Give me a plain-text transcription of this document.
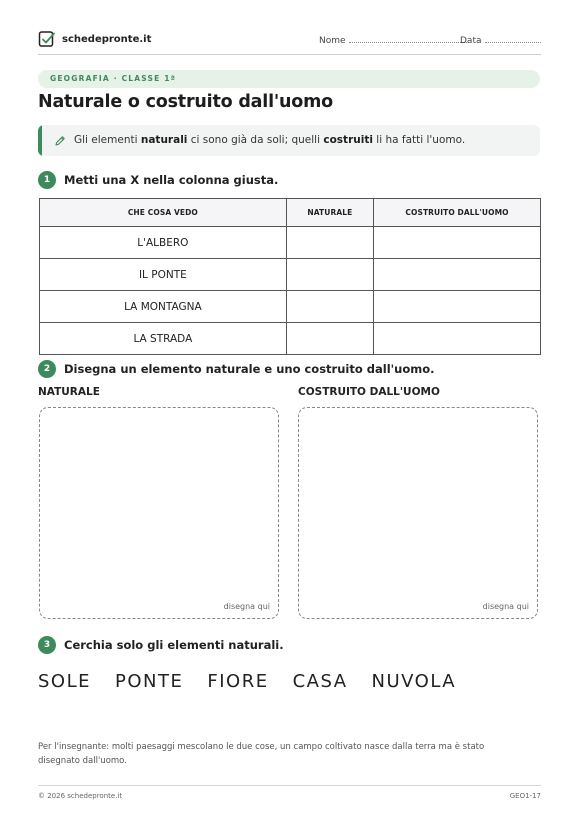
schedepronte.it	Nome	Data
GEOGRAFIA · CLASSE 1ª
Naturale o costruito dall'uomo
Gli elementi naturali ci sono già da soli; quelli costruiti li ha fatti l'uomo.
1	Metti una X nella colonna giusta.
CHE COSA VEDO	NATURALE	COSTRUITO DALL'UOMO
L'ALBERO		
IL PONTE		
LA MONTAGNA		
LA STRADA		
2	Disegna un elemento naturale e uno costruito dall'uomo.
NATURALE	COSTRUITO DALL'UOMO
disegna qui	disegna qui
3	Cerchia solo gli elementi naturali.
SOLE PONTE FIORE CASA NUVOLA
Per l'insegnante: molti paesaggi mescolano le due cose, un campo coltivato nasce dalla terra ma è stato disegnato dall'uomo.
© 2026 schedepronte.it	GEO1-17
